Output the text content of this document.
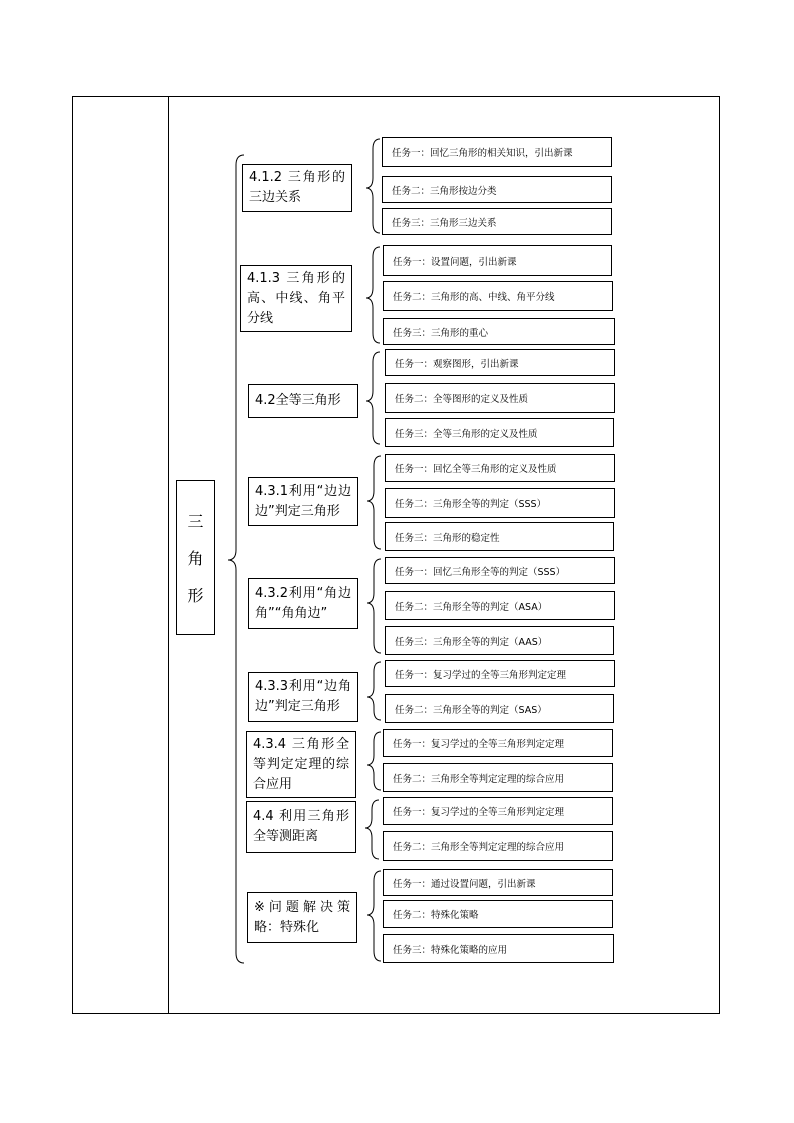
三
角
形
4.1.2 三角形的三边关系
4.1.3 三角形的高、中线、角平分线
4.2全等三角形
4.3.1利用“边边边”判定三角形
4.3.2利用“角边角”“角角边”
4.3.3利用“边角边”判定三角形
4.3.4 三角形全等判定定理的综合应用
4.4 利用三角形全等测距离
※问题解决策略：特殊化
任务一：回忆三角形的相关知识，引出新课
任务二：三角形按边分类
任务三：三角形三边关系
任务一：设置问题，引出新课
任务二：三角形的高、中线、角平分线
任务三：三角形的重心
任务一：观察图形，引出新课
任务二：全等图形的定义及性质
任务三：全等三角形的定义及性质
任务一：回忆全等三角形的定义及性质
任务二：三角形全等的判定（SSS）
任务三：三角形的稳定性
任务一：回忆三角形全等的判定（SSS）
任务二：三角形全等的判定（ASA）
任务三：三角形全等的判定（AAS）
任务一：复习学过的全等三角形判定定理
任务二：三角形全等的判定（SAS）
任务一：复习学过的全等三角形判定定理
任务二：三角形全等判定定理的综合应用
任务一：复习学过的全等三角形判定定理
任务二：三角形全等判定定理的综合应用
任务一：通过设置问题，引出新课
任务二：特殊化策略
任务三：特殊化策略的应用
